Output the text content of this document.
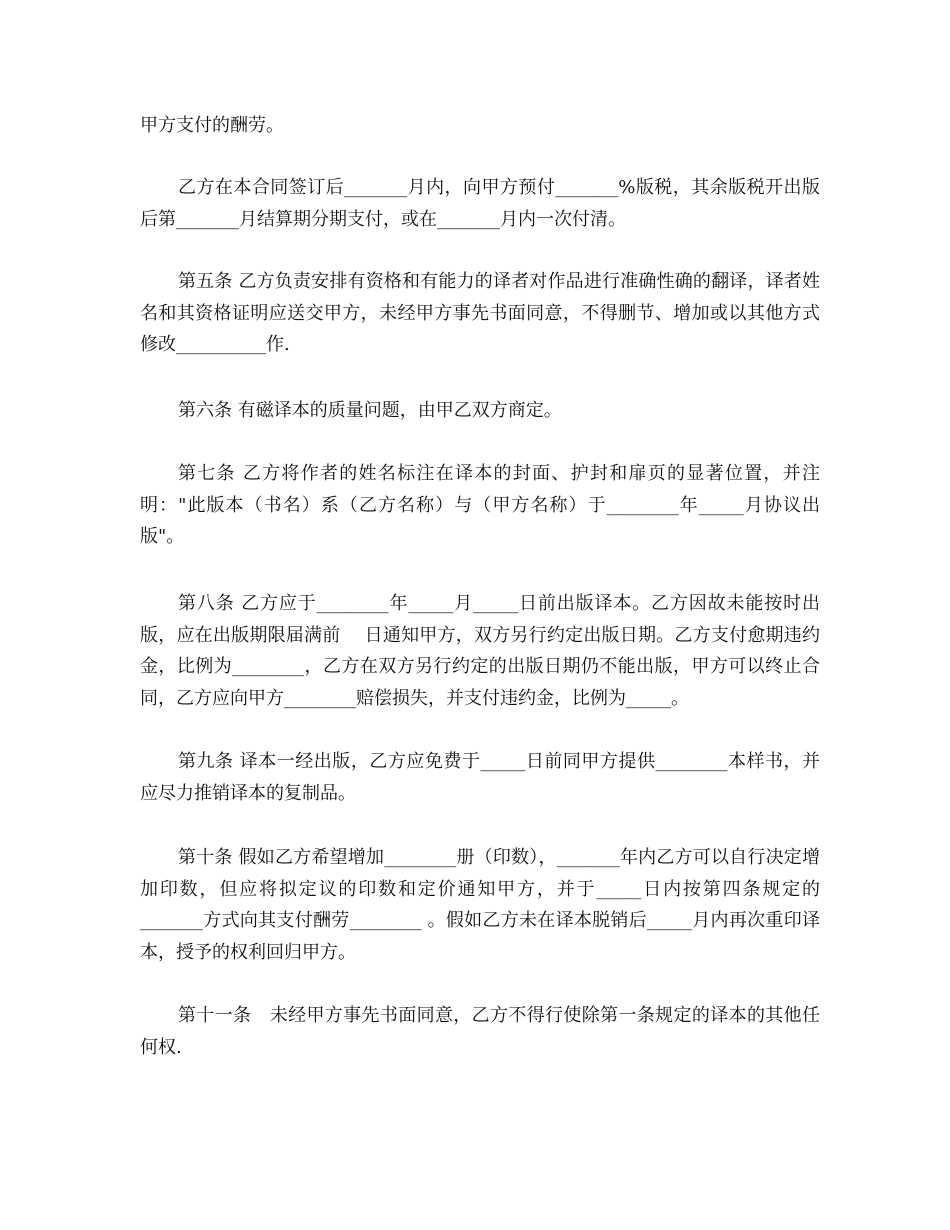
甲方支付的酬劳。

乙方在本合同签订后_______月内，向甲方预付_______%版税，其余版税开出版后第_______月结算期分期支付，或在_______月内一次付清。

第五条 乙方负责安排有资格和有能力的译者对作品进行准确性确的翻译，译者姓名和其资格证明应送交甲方，未经甲方事先书面同意，不得删节、增加或以其他方式修改__________作.

第六条 有磁译本的质量问题，由甲乙双方商定。

第七条 乙方将作者的姓名标注在译本的封面、护封和扉页的显著位置，并注明："此版本（书名）系（乙方名称）与（甲方名称）于________年_____月协议出版"。

第八条 乙方应于________年_____月_____日前出版译本。乙方因故未能按时出版，应在出版期限届满前　 日通知甲方，双方另行约定出版日期。乙方支付愈期违约金，比例为________，乙方在双方另行约定的出版日期仍不能出版，甲方可以终止合同，乙方应向甲方________赔偿损失，并支付违约金，比例为_____。

第九条 译本一经出版，乙方应免费于_____日前同甲方提供________本样书，并应尽力推销译本的复制品。

第十条 假如乙方希望增加________册（印数），_______年内乙方可以自行决定增加印数，但应将拟定议的印数和定价通知甲方，并于_____日内按第四条规定的_______方式向其支付酬劳________ 。假如乙方未在译本脱销后_____月内再次重印译本，授予的权利回归甲方。

第十一条　未经甲方事先书面同意，乙方不得行使除第一条规定的译本的其他任何权.
